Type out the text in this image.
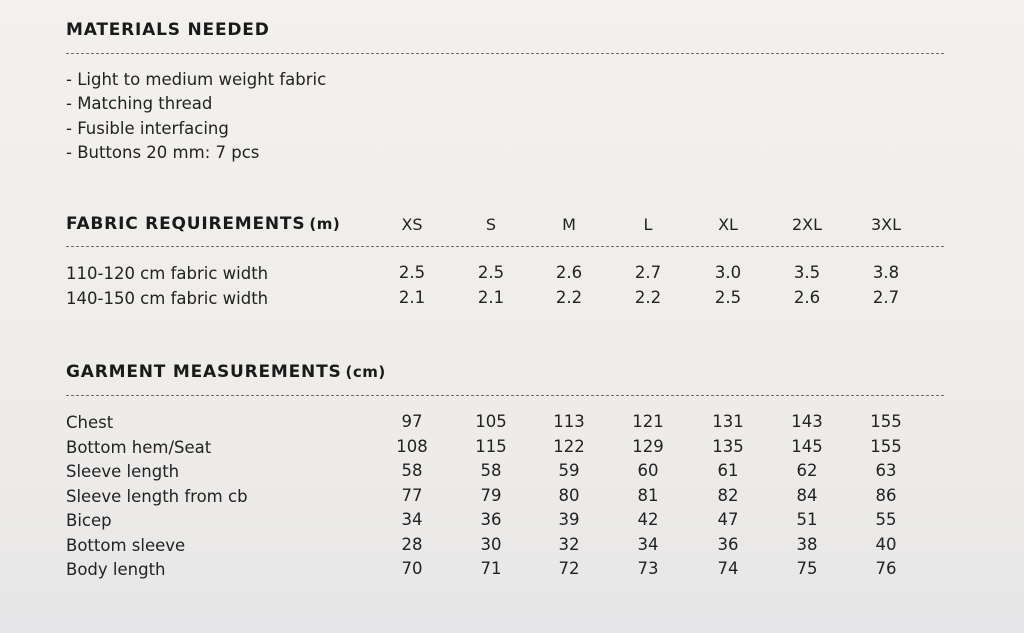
MATERIALS NEEDED
- Light to medium weight fabric
- Matching thread
- Fusible interfacing
- Buttons 20 mm: 7 pcs
FABRIC REQUIREMENTS (m)	XS	S	M	L	XL	2XL	3XL
110-120 cm fabric width	2.5	2.5	2.6	2.7	3.0	3.5	3.8
140-150 cm fabric width	2.1	2.1	2.2	2.2	2.5	2.6	2.7
GARMENT MEASUREMENTS (cm)
Chest	97	105	113	121	131	143	155
Bottom hem/Seat	108	115	122	129	135	145	155
Sleeve length	58	58	59	60	61	62	63
Sleeve length from cb	77	79	80	81	82	84	86
Bicep	34	36	39	42	47	51	55
Bottom sleeve	28	30	32	34	36	38	40
Body length	70	71	72	73	74	75	76
